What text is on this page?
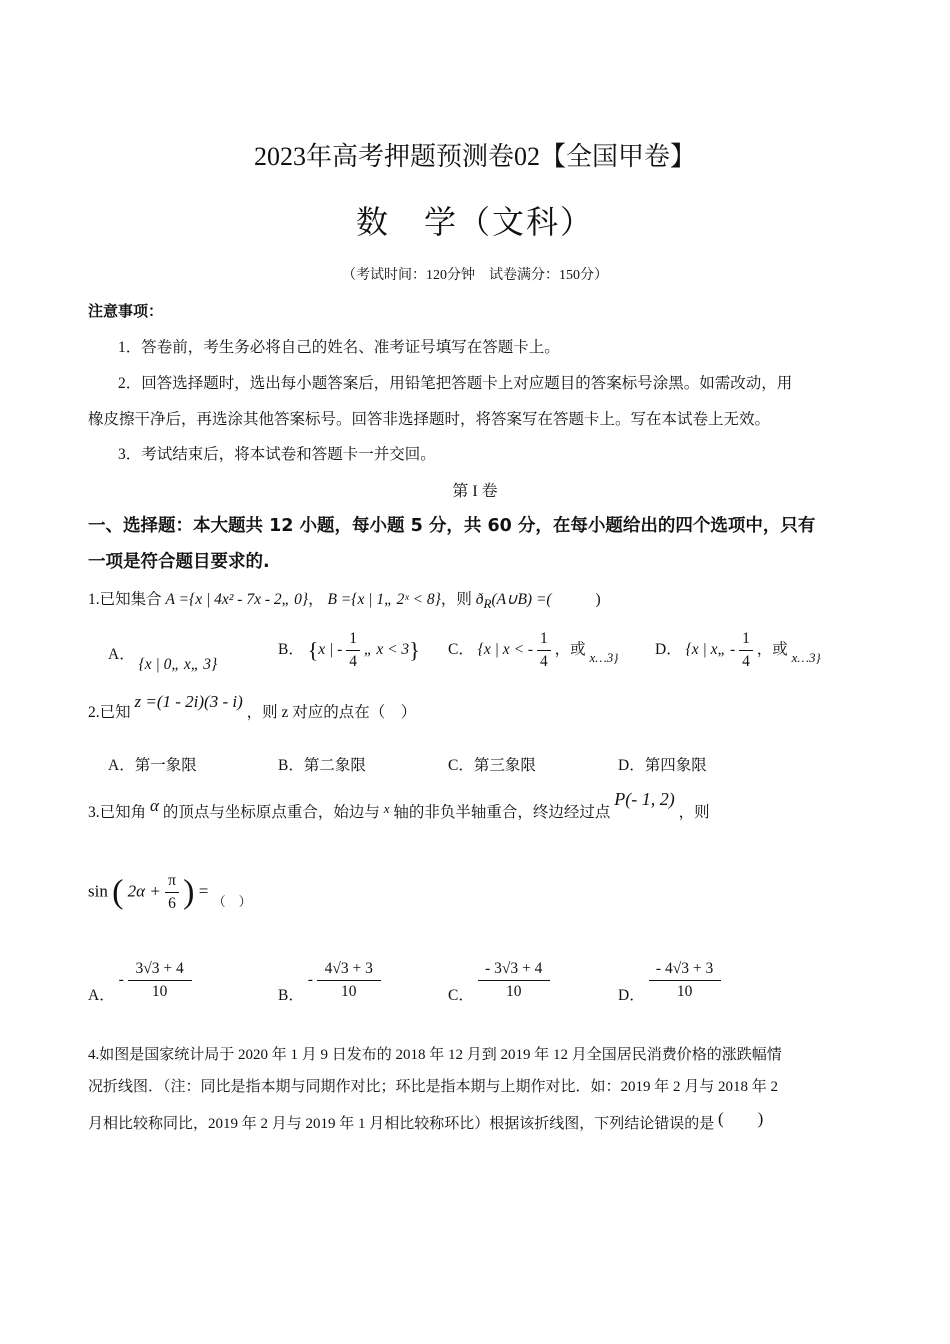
2023年高考押题预测卷02【全国甲卷】
数　学（文科）
（考试时间：120分钟　试卷满分：150分）
注意事项：
1．答卷前，考生务必将自己的姓名、准考证号填写在答题卡上。
2．回答选择题时，选出每小题答案后，用铅笔把答题卡上对应题目的答案标号涂黑。如需改动，用
橡皮擦干净后，再选涂其他答案标号。回答非选择题时，将答案写在答题卡上。写在本试卷上无效。
3．考试结束后，将本试卷和答题卡一并交回。
第 I 卷
一、选择题：本大题共 12 小题，每小题 5 分，共 60 分，在每小题给出的四个选项中，只有
一项是符合题目要求的.
1.已知集合 A ={x | 4x² - 7x - 2„ 0}， B ={x | 1„ 2ˣ < 8}，则 $ð_R(A\cup B)$ =(	)
A． {x | 0„ x„ 3}
B． {x | - $\frac{1}{4}$ „ x < 3} C． {x | x < - $\frac{1}{4}$ ，或 $_{x\dots 3\}}$ D． {x | x„ - $\frac{1}{4}$ ，或 $_{x\dots 3\}}$
2.已知 z =(1 - 2i)(3 - i) ，则 z 对应的点在（　）
A．第一象限	B．第二象限	C．第三象限	D．第四象限
3.已知角 α 的顶点与坐标原点重合，始边与 $^x$ 轴的非负半轴重合，终边经过点 P(- 1, 2) ，则
sin ( $2\alpha + \frac{\pi}{6}$ ) = $_{( )}$
A． - $\frac{3√3 + 4}{10}$	B． - $\frac{4√3 + 3}{10}$	C． $\frac{- 3√3 + 4}{10}$	D． $\frac{- 4√3 + 3}{10}$
4.如图是国家统计局于 2020 年 1 月 9 日发布的 2018 年 12 月到 2019 年 12 月全国居民消费价格的涨跌幅情
况折线图．（注：同比是指本期与同期作对比；环比是指本期与上期作对比．如：2019 年 2 月与 2018 年 2
月相比较称同比，2019 年 2 月与 2019 年 1 月相比较称环比）根据该折线图，下列结论错误的是 (　　)
